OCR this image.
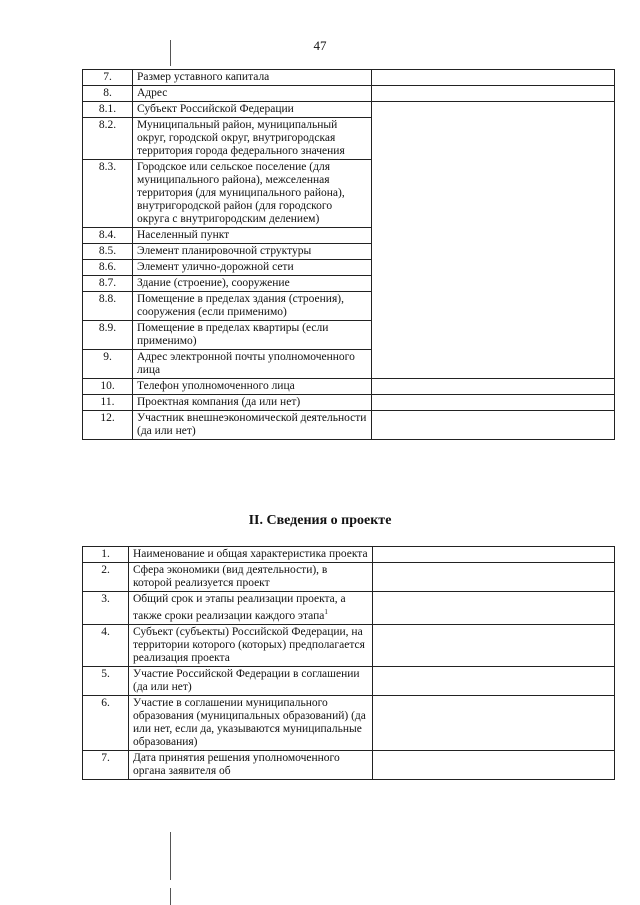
47
7.	Размер уставного капитала	
8.	Адрес	
8.1.	Субъект Российской Федерации	
8.2.	Муниципальный район, муниципальный округ, городской округ, внутригородская территория города федерального значения	
8.3.	Городское или сельское поселение (для муниципального района), межселенная территория (для муниципального района), внутригородской район (для городского округа с внутригородским делением)	
8.4.	Населенный пункт	
8.5.	Элемент планировочной структуры	
8.6.	Элемент улично-дорожной сети	
8.7.	Здание (строение), сооружение	
8.8.	Помещение в пределах здания (строения), сооружения (если применимо)	
8.9.	Помещение в пределах квартиры (если применимо)	
9.	Адрес электронной почты уполномоченного лица	
10.	Телефон уполномоченного лица	
11.	Проектная компания (да или нет)	
12.	Участник внешнеэкономической деятельности (да или нет)	
II. Сведения о проекте
1.	Наименование и общая характеристика проекта	
2.	Сфера экономики (вид деятельности), в которой реализуется проект	
3.	Общий срок и этапы реализации проекта, а также сроки реализации каждого этапа$^1$	
4.	Субъект (субъекты) Российской Федерации, на территории которого (которых) предполагается реализация проекта	
5.	Участие Российской Федерации в соглашении (да или нет)	
6.	Участие в соглашении муниципального образования (муниципальных образований) (да или нет, если да, указываются муниципальные образования)	
7.	Дата принятия решения уполномоченного органа заявителя об	
